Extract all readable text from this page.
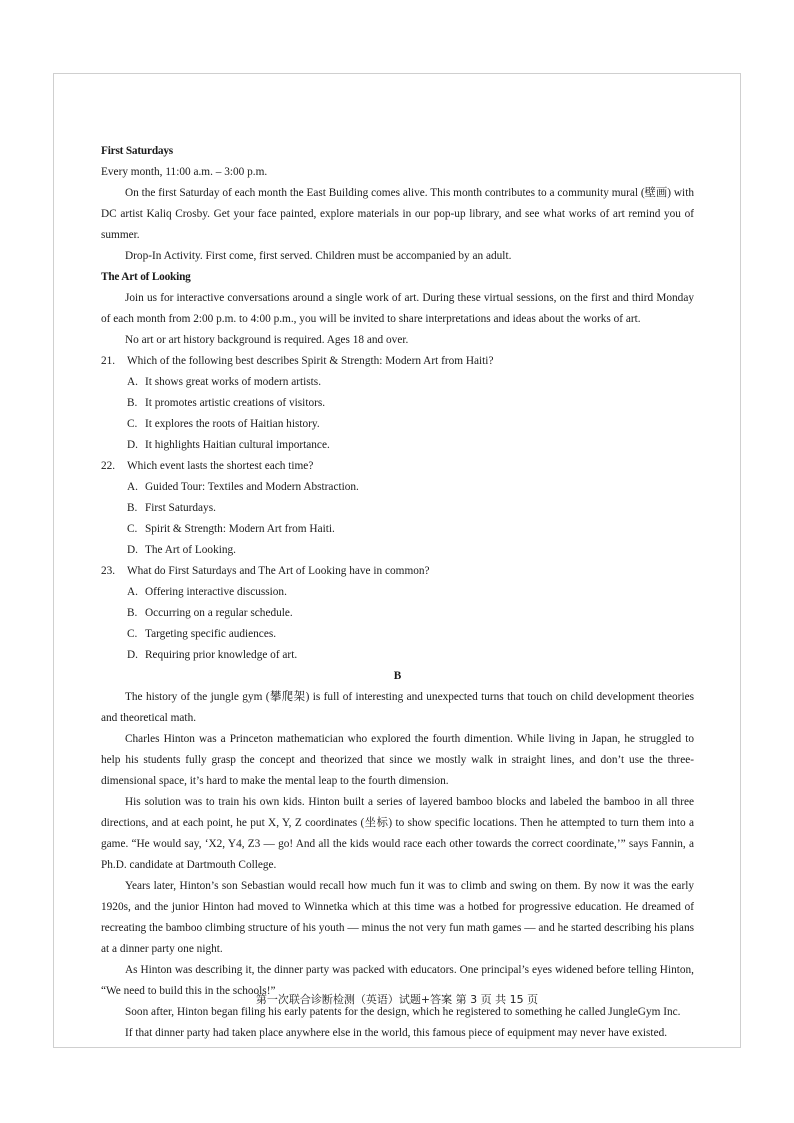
First Saturdays

Every month, 11:00 a.m. – 3:00 p.m.

On the first Saturday of each month the East Building comes alive. This month contributes to a community mural (壁画) with DC artist Kaliq Crosby. Get your face painted, explore materials in our pop-up library, and see what works of art remind you of summer.

Drop-In Activity. First come, first served. Children must be accompanied by an adult.

The Art of Looking

Join us for interactive conversations around a single work of art. During these virtual sessions, on the first and third Monday of each month from 2:00 p.m. to 4:00 p.m., you will be invited to share interpretations and ideas about the works of art.

No art or art history background is required. Ages 18 and over.

21.	Which of the following best describes Spirit & Strength: Modern Art from Haiti?
A. It shows great works of modern artists.
B. It promotes artistic creations of visitors.
C. It explores the roots of Haitian history.
D. It highlights Haitian cultural importance.
22.	Which event lasts the shortest each time?
A. Guided Tour: Textiles and Modern Abstraction.
B. First Saturdays.
C. Spirit & Strength: Modern Art from Haiti.
D. The Art of Looking.
23.	What do First Saturdays and The Art of Looking have in common?
A. Offering interactive discussion.
B. Occurring on a regular schedule.
C. Targeting specific audiences.
D. Requiring prior knowledge of art.

B

The history of the jungle gym (攀爬架) is full of interesting and unexpected turns that touch on child development theories and theoretical math.

Charles Hinton was a Princeton mathematician who explored the fourth dimention. While living in Japan, he struggled to help his students fully grasp the concept and theorized that since we mostly walk in straight lines, and don’t use the three-dimensional space, it’s hard to make the mental leap to the fourth dimension.

His solution was to train his own kids. Hinton built a series of layered bamboo blocks and labeled the bamboo in all three directions, and at each point, he put X, Y, Z coordinates (坐标) to show specific locations. Then he attempted to turn them into a game. “He would say, ‘X2, Y4, Z3 — go! And all the kids would race each other towards the correct coordinate,’” says Fannin, a Ph.D. candidate at Dartmouth College.

Years later, Hinton’s son Sebastian would recall how much fun it was to climb and swing on them. By now it was the early 1920s, and the junior Hinton had moved to Winnetka which at this time was a hotbed for progressive education. He dreamed of recreating the bamboo climbing structure of his youth — minus the not very fun math games — and he started describing his plans at a dinner party one night.

As Hinton was describing it, the dinner party was packed with educators. One principal’s eyes widened before telling Hinton, “We need to build this in the schools!”

Soon after, Hinton began filing his early patents for the design, which he registered to something he called JungleGym Inc.

If that dinner party had taken place anywhere else in the world, this famous piece of equipment may never have existed.

第一次联合诊断检测（英语）试题+答案 第 3 页 共 15 页
